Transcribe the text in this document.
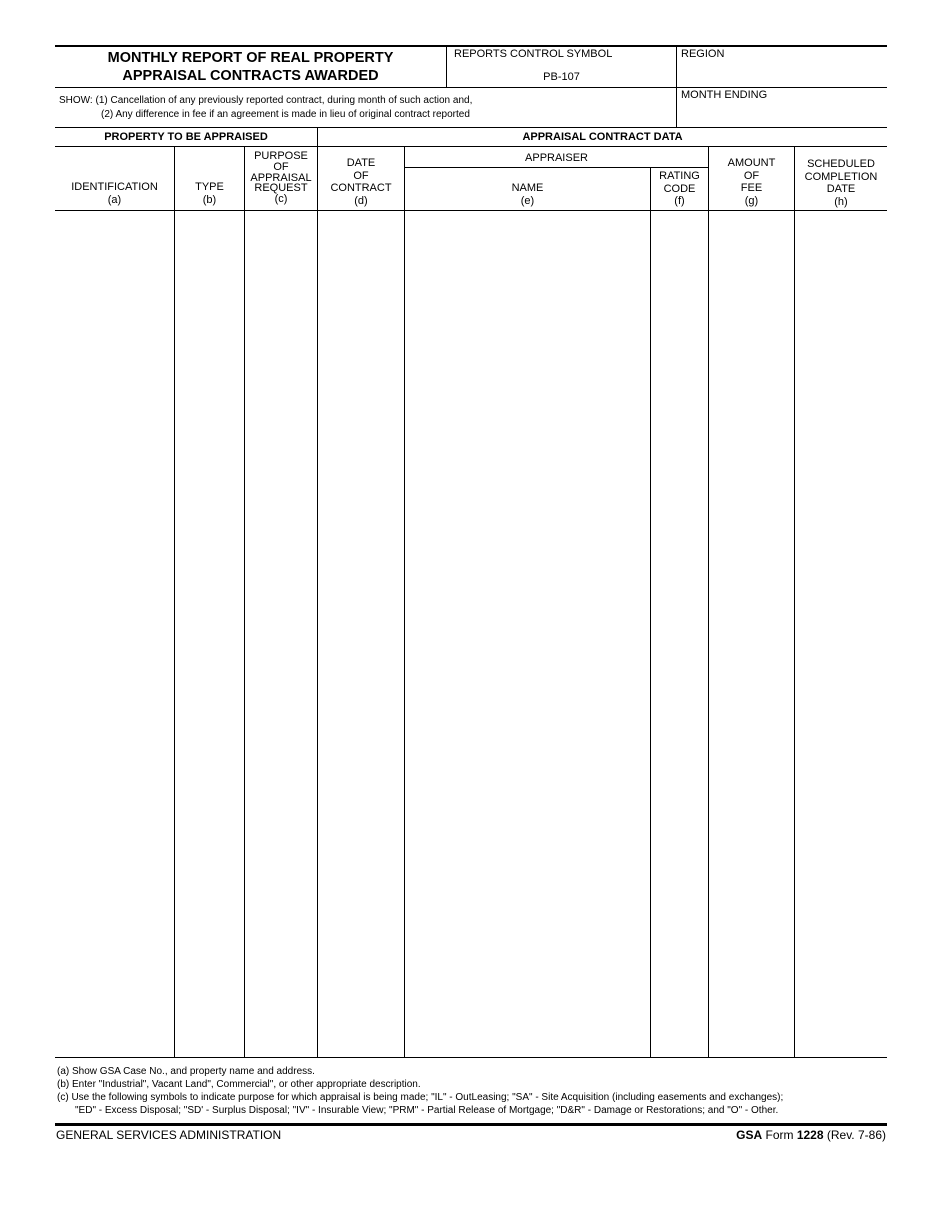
MONTHLY REPORT OF REAL PROPERTY
APPRAISAL CONTRACTS AWARDED
REPORTS CONTROL SYMBOL
PB-107
REGION
SHOW: (1) Cancellation of any previously reported contract, during month of such action and,
(2) Any difference in fee if an agreement is made in lieu of original contract reported
MONTH ENDING
PROPERTY TO BE APPRAISED	APPRAISAL CONTRACT DATA
APPRAISER
IDENTIFICATION
(a)
TYPE
(b)
PURPOSE
OF
APPRAISAL
REQUEST
(c)
DATE
OF
CONTRACT
(d)
NAME
(e)
RATING
CODE
(f)
AMOUNT
OF
FEE
(g)
SCHEDULED
COMPLETION
DATE
(h)
(a) Show GSA Case No., and property name and address.
(b) Enter "Industrial", Vacant Land", Commercial", or other appropriate description.
(c) Use the following symbols to indicate purpose for which appraisal is being made; "IL" - OutLeasing; "SA" - Site Acquisition (including easements and exchanges);
"ED" - Excess Disposal; "SD' - Surplus Disposal; "IV" - Insurable View; "PRM" - Partial Release of Mortgage; "D&R" - Damage or Restorations; and "O" - Other.
GENERAL SERVICES ADMINISTRATION	GSA Form 1228 (Rev. 7-86)
